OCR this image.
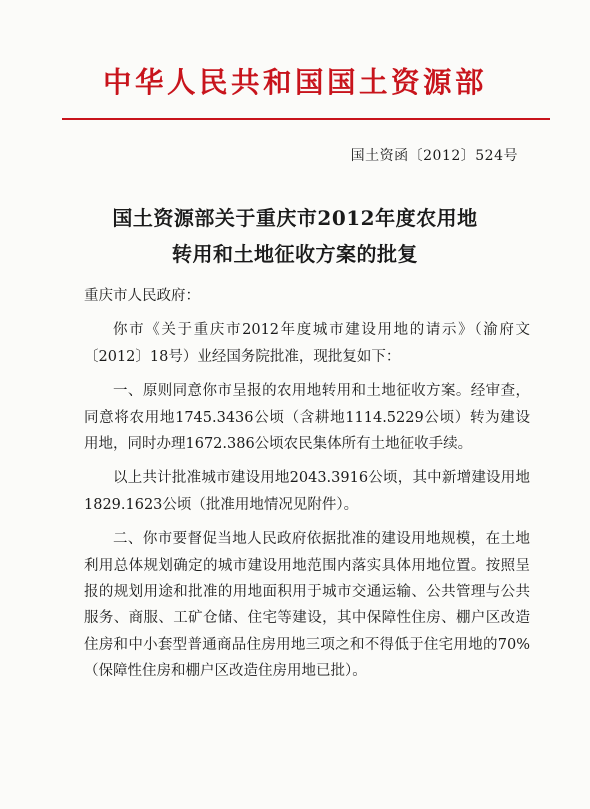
中华人民共和国国土资源部
国土资函〔2012〕524号
国土资源部关于重庆市2012年度农用地
转用和土地征收方案的批复

重庆市人民政府：

你市《关于重庆市2012年度城市建设用地的请示》（渝府文〔2012〕18号）业经国务院批准，现批复如下：

一、原则同意你市呈报的农用地转用和土地征收方案。经审查，同意将农用地1745.3436公顷（含耕地1114.5229公顷）转为建设用地，同时办理1672.386公顷农民集体所有土地征收手续。

以上共计批准城市建设用地2043.3916公顷，其中新增建设用地1829.1623公顷（批准用地情况见附件）。

二、你市要督促当地人民政府依据批准的建设用地规模，在土地利用总体规划确定的城市建设用地范围内落实具体用地位置。按照呈报的规划用途和批准的用地面积用于城市交通运输、公共管理与公共服务、商服、工矿仓储、住宅等建设，其中保障性住房、棚户区改造住房和中小套型普通商品住房用地三项之和不得低于住宅用地的70%（保障性住房和棚户区改造住房用地已批）。
